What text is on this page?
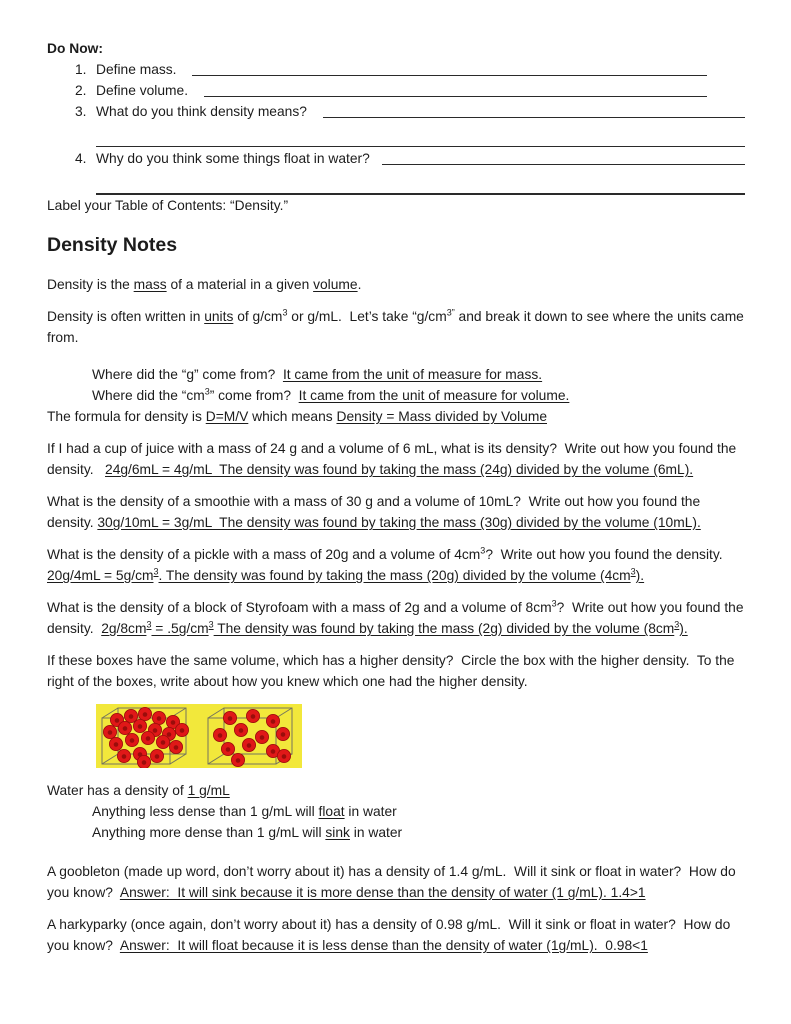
Do Now:
1. Define mass.
2. Define volume.
3. What do you think density means?
4. Why do you think some things float in water?

Label your Table of Contents: “Density.”

Density Notes

Density is the mass of a material in a given volume.

Density is often written in units of $g/cm^3$ or g/mL.  Let’s take “$g/cm^{3”}$ and break it down to see where the units came from.

Where did the “g” come from?  It came from the unit of measure for mass.
Where did the “$cm^3$” come from?  It came from the unit of measure for volume.

The formula for density is D=M/V which means Density = Mass divided by Volume

If I had a cup of juice with a mass of 24 g and a volume of 6 mL, what is its density?  Write out how you found the density.   24g/6mL = 4g/mL  The density was found by taking the mass (24g) divided by the volume (6mL).

What is the density of a smoothie with a mass of 30 g and a volume of 10mL?  Write out how you found the density. 30g/10mL = 3g/mL  The density was found by taking the mass (30g) divided by the volume (10mL).

What is the density of a pickle with a mass of 20g and a volume of $4cm^3$?  Write out how you found the density. $20g/4mL = 5g/cm^3$. The density was found by taking the mass (20g) divided by the volume $(4cm^3)$.

What is the density of a block of Styrofoam with a mass of 2g and a volume of $8cm^3$?  Write out how you found the density.  $2g/8cm^3 = .5g/cm^3$ The density was found by taking the mass (2g) divided by the volume $(8cm^3)$.

If these boxes have the same volume, which has a higher density?  Circle the box with the higher density.  To the right of the boxes, write about how you knew which one had the higher density.

Water has a density of 1 g/mL
Anything less dense than 1 g/mL will float in water
Anything more dense than 1 g/mL will sink in water

A goobleton (made up word, don’t worry about it) has a density of 1.4 g/mL.  Will it sink or float in water?  How do you know?  Answer:  It will sink because it is more dense than the density of water (1 g/mL). 1.4>1

A harkyparky (once again, don’t worry about it) has a density of 0.98 g/mL.  Will it sink or float in water?  How do you know?  Answer:  It will float because it is less dense than the density of water (1g/mL).  0.98<1
